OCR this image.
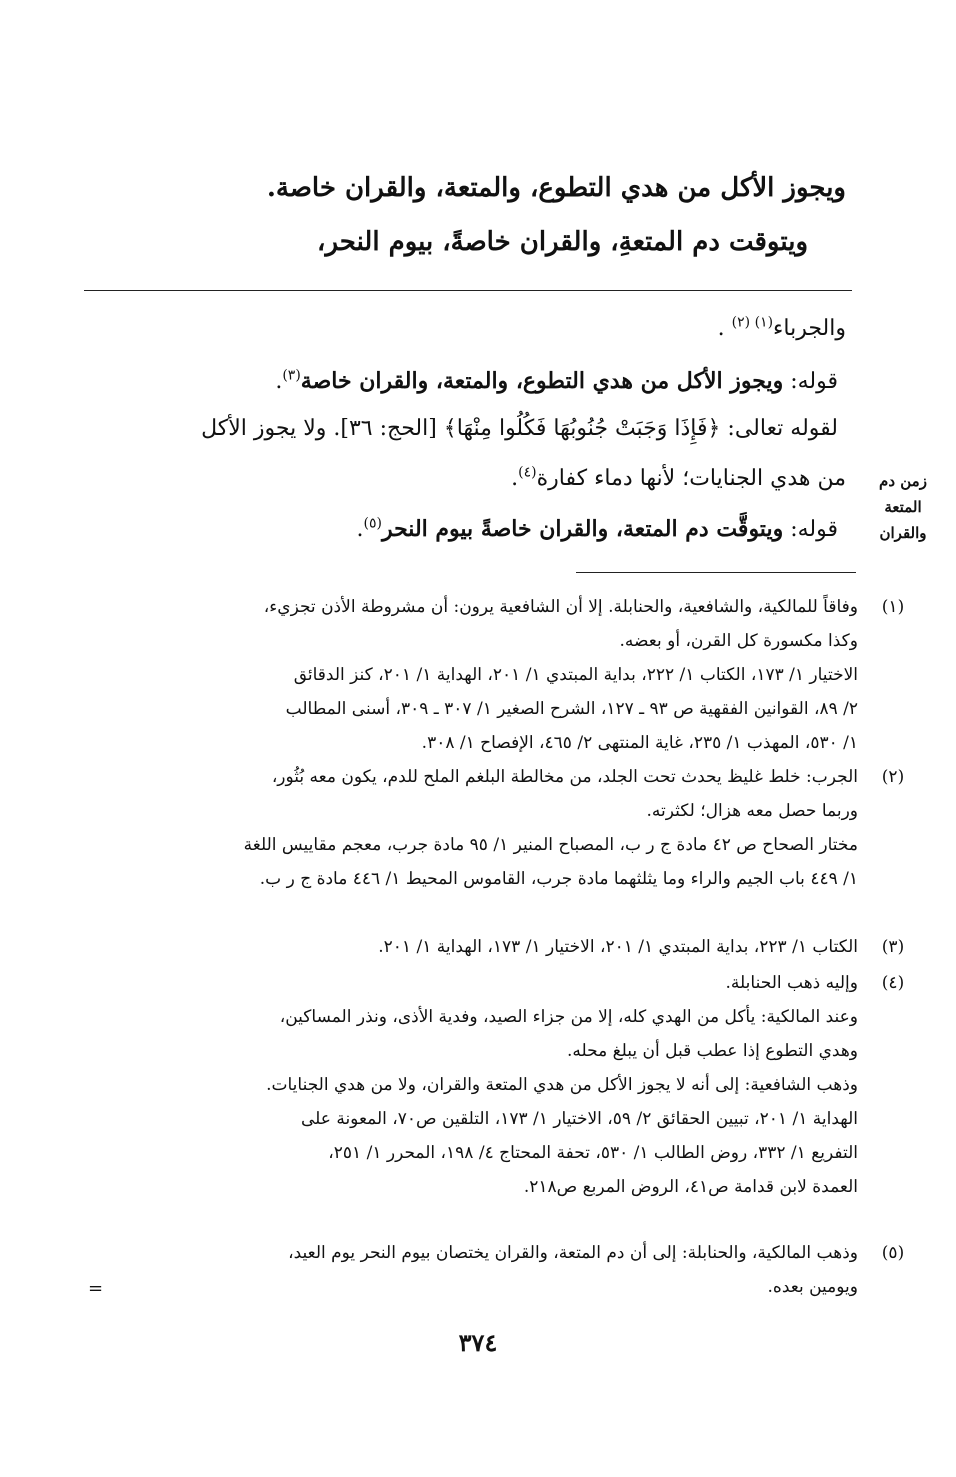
ويجوز الأكل من هدي التطوع، والمتعة، والقران خاصة.
ويتوقت دم المتعةِ، والقران خاصةً، بيوم النحر،
والجرباء$^{(١) (٢)}$ .
قوله: ويجوز الأكل من هدي التطوع، والمتعة، والقران خاصة$^{(٣)}$.
لقوله تعالى: ﴿فَإِذَا وَجَبَتْ جُنُوبُهَا فَكُلُوا مِنْهَا﴾ [الحج: ٣٦]. ولا يجوز الأكل
من هدي الجنايات؛ لأنها دماء كفارة$^{(٤)}$.
قوله: ويتوقَّت دم المتعة، والقران خاصةً بيوم النحر$^{(٥)}$.
زمن دم
المتعة
والقران
(١)
وفاقاً للمالكية، والشافعية، والحنابلة. إلا أن الشافعية يرون: أن مشروطة الأذن تجزيء،
وكذا مكسورة كل القرن، أو بعضه.
الاختيار ١/ ١٧٣، الكتاب ١/ ٢٢٢، بداية المبتدي ١/ ٢٠١، الهداية ١/ ٢٠١، كنز الدقائق
٢/ ٨٩، القوانين الفقهية ص ٩٣ ـ ١٢٧، الشرح الصغير ١/ ٣٠٧ ـ ٣٠٩، أسنى المطالب
١/ ٥٣٠، المهذب ١/ ٢٣٥، غاية المنتهى ٢/ ٤٦٥، الإفصاح ١/ ٣٠٨.
(٢)
الجرب: خلط غليظ يحدث تحت الجلد، من مخالطة البلغم الملح للدم، يكون معه بُثُور،
وربما حصل معه هزال؛ لكثرته.
مختار الصحاح ص ٤٢ مادة ج ر ب، المصباح المنير ١/ ٩٥ مادة جرب، معجم مقاييس اللغة
١/ ٤٤٩ باب الجيم والراء وما يثلثهما مادة جرب، القاموس المحيط ١/ ٤٤٦ مادة ج ر ب.
(٣)
الكتاب ١/ ٢٢٣، بداية المبتدي ١/ ٢٠١، الاختيار ١/ ١٧٣، الهداية ١/ ٢٠١.
(٤)
وإليه ذهب الحنابلة.
وعند المالكية: يأكل من الهدي كله، إلا من جزاء الصيد، وفدية الأذى، ونذر المساكين،
وهدي التطوع إذا عطب قبل أن يبلغ محله.
وذهب الشافعية: إلى أنه لا يجوز الأكل من هدي المتعة والقران، ولا من هدي الجنايات.
الهداية ١/ ٢٠١، تبيين الحقائق ٢/ ٥٩، الاختيار ١/ ١٧٣، التلقين ص٧٠، المعونة على
التفريع ١/ ٣٣٢، روض الطالب ١/ ٥٣٠، تحفة المحتاج ٤/ ١٩٨، المحرر ١/ ٢٥١،
العمدة لابن قدامة ص٤١، الروض المربع ص٢١٨.
(٥)
وذهب المالكية، والحنابلة: إلى أن دم المتعة، والقران يختصان بيوم النحر يوم العيد،
ويومين بعده.
=
٣٧٤
